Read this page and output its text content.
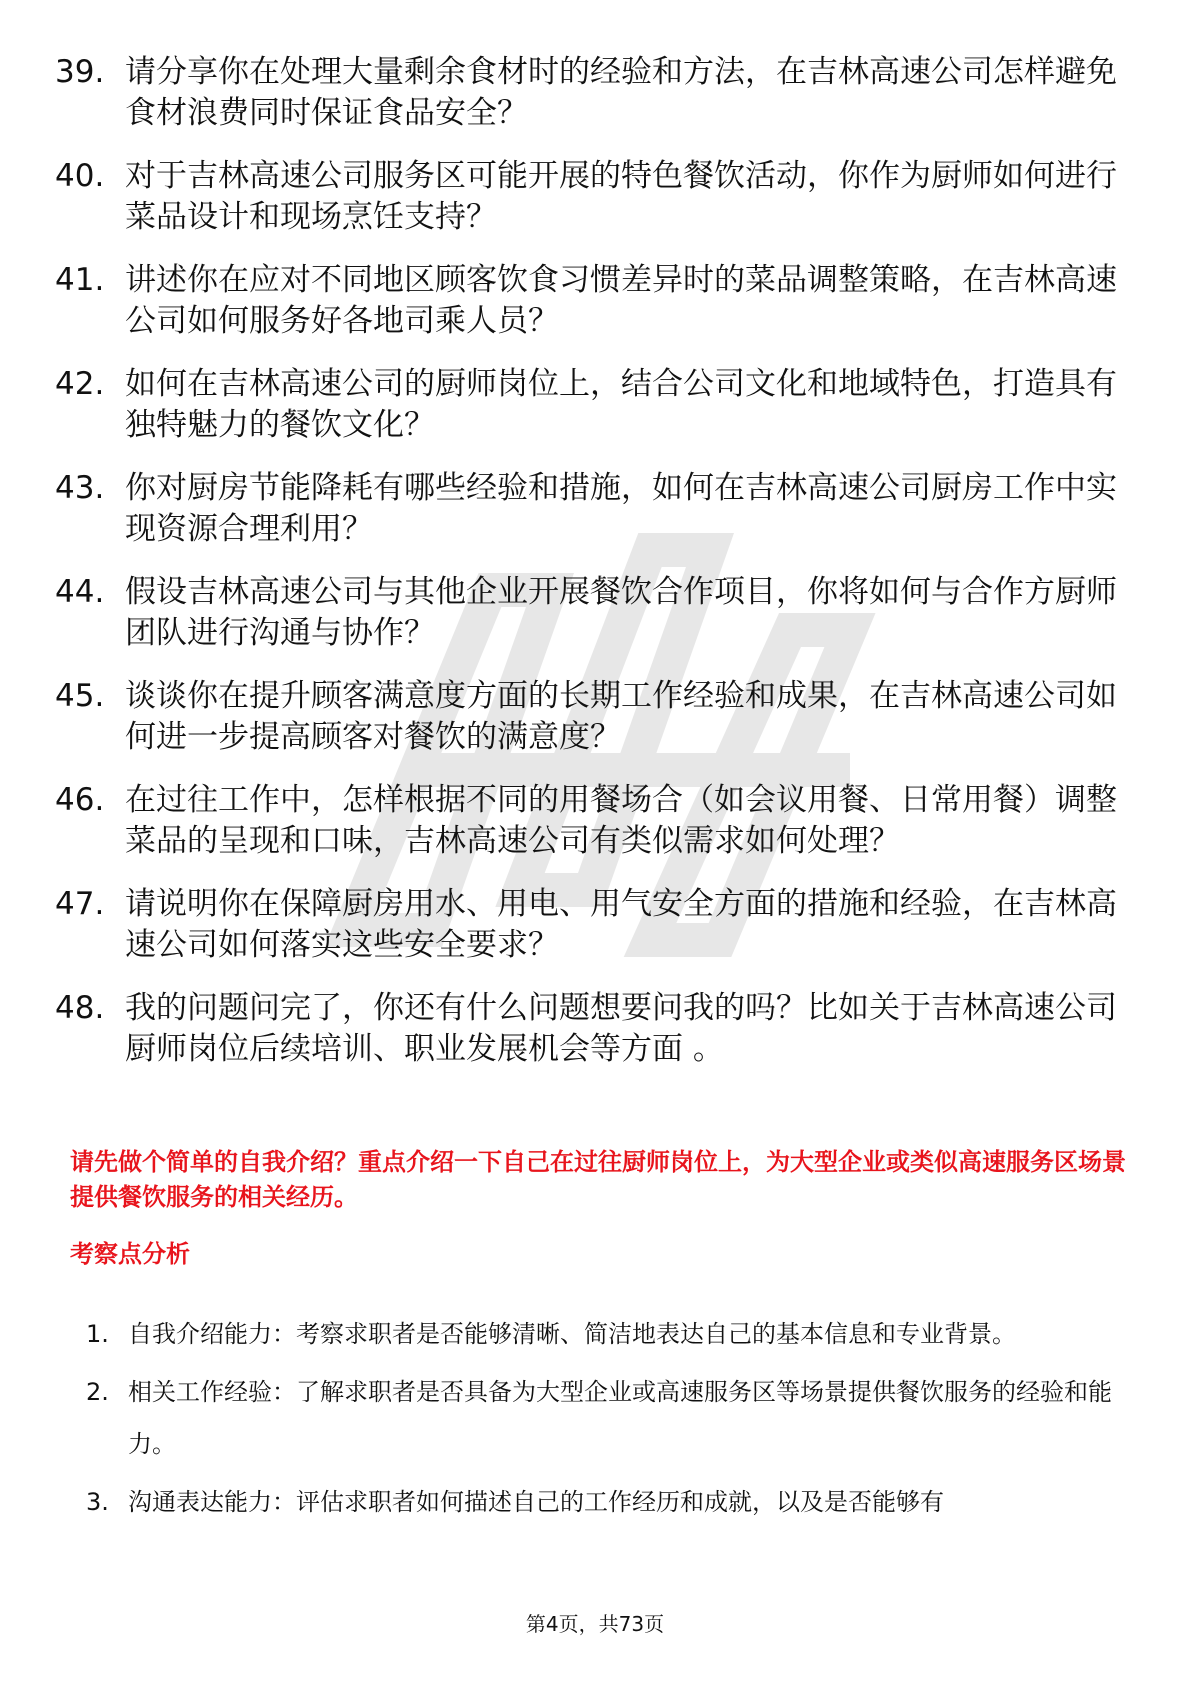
39. 请分享你在处理大量剩余食材时的经验和方法，在吉林高速公司怎样避免食材浪费同时保证食品安全？
40. 对于吉林高速公司服务区可能开展的特色餐饮活动，你作为厨师如何进行菜品设计和现场烹饪支持？
41. 讲述你在应对不同地区顾客饮食习惯差异时的菜品调整策略，在吉林高速公司如何服务好各地司乘人员？
42. 如何在吉林高速公司的厨师岗位上，结合公司文化和地域特色，打造具有独特魅力的餐饮文化？
43. 你对厨房节能降耗有哪些经验和措施，如何在吉林高速公司厨房工作中实现资源合理利用？
44. 假设吉林高速公司与其他企业开展餐饮合作项目，你将如何与合作方厨师团队进行沟通与协作？
45. 谈谈你在提升顾客满意度方面的长期工作经验和成果，在吉林高速公司如何进一步提高顾客对餐饮的满意度？
46. 在过往工作中，怎样根据不同的用餐场合（如会议用餐、日常用餐）调整菜品的呈现和口味，吉林高速公司有类似需求如何处理？
47. 请说明你在保障厨房用水、用电、用气安全方面的措施和经验，在吉林高速公司如何落实这些安全要求？
48. 我的问题问完了，你还有什么问题想要问我的吗？比如关于吉林高速公司厨师岗位后续培训、职业发展机会等方面 。

请先做个简单的自我介绍？重点介绍一下自己在过往厨师岗位上，为大型企业或类似高速服务区场景提供餐饮服务的相关经历。

考察点分析
1. 自我介绍能力：考察求职者是否能够清晰、简洁地表达自己的基本信息和专业背景。
2. 相关工作经验：了解求职者是否具备为大型企业或高速服务区等场景提供餐饮服务的经验和能力。
3. 沟通表达能力：评估求职者如何描述自己的工作经历和成就，以及是否能够有
第4页，共73页
